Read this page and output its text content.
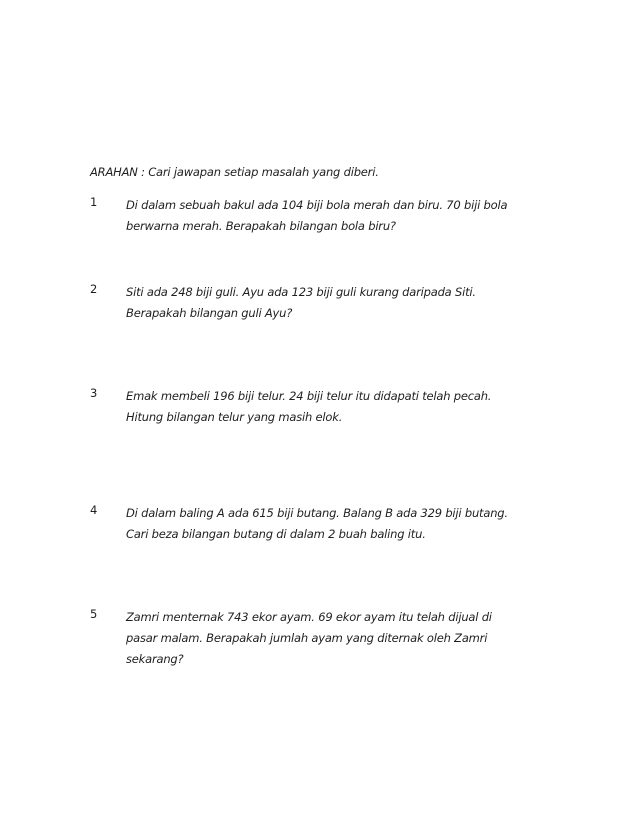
ARAHAN : Cari jawapan setiap masalah yang diberi.
1	Di dalam sebuah bakul ada 104 biji bola merah dan biru. 70 biji bola
berwarna merah. Berapakah bilangan bola biru?
2	Siti ada 248 biji guli. Ayu ada 123 biji guli kurang daripada Siti.
Berapakah bilangan guli Ayu?
3	Emak membeli 196 biji telur. 24 biji telur itu didapati telah pecah.
Hitung bilangan telur yang masih elok.
4	Di dalam baling A ada 615 biji butang. Balang B ada 329 biji butang.
Cari beza bilangan butang di dalam 2 buah baling itu.
5	Zamri menternak 743 ekor ayam. 69 ekor ayam itu telah dijual di
pasar malam. Berapakah jumlah ayam yang diternak oleh Zamri
sekarang?
